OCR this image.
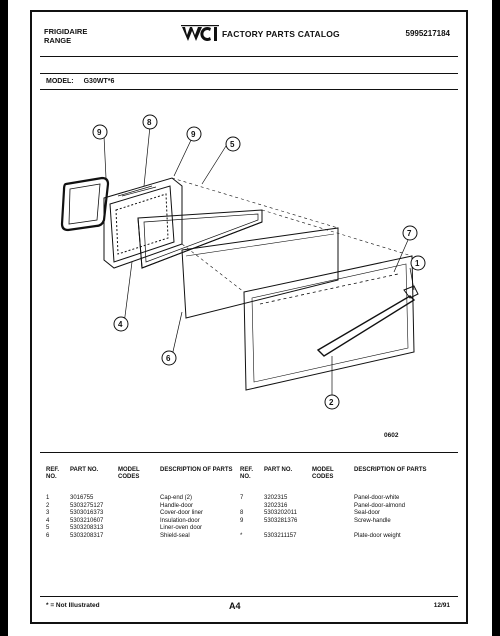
FRIGIDAIRE
RANGE
FACTORY PARTS CATALOG	5995217184
MODEL: G30WT*6
9
8
9
5
7
1
4
6
2
0602
REF. NO.	PART NO.	MODEL CODES	DESCRIPTION OF PARTS	REF. NO.	PART NO.	MODEL CODES	DESCRIPTION OF PARTS

1	3016755		Cap-end (2)	7	3202315		Panel-door-white
2	5303275127		Handle-door		3202316		Panel-door-almond
3	5303016373		Cover-door liner	8	5303202011		Seal-door
4	5303210607		Insulation-door	9	5303281376		Screw-handle
5	5303208313		Liner-oven door				
6	5303208317		Shield-seal	*	5303211157		Plate-door weight
* = Not Illustrated	A4	12/91
